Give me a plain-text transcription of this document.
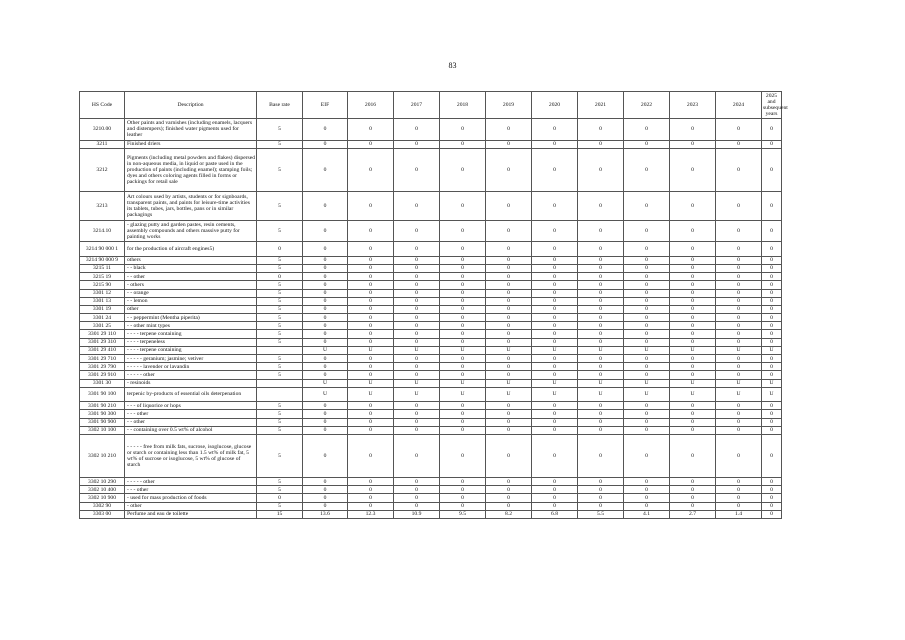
83
HS Code	Description	Base rate	EIF	2016	2017	2018	2019	2020	2021	2022	2023	2024	2025 and subsequent years
3210.00	Other paints and varnishes (including enamels, lacquers and distempers); finished water pigments used for leather	5	0	0	0	0	0	0	0	0	0	0	0
3211	Finished driers	5	0	0	0	0	0	0	0	0	0	0	0
3212	Pigments (including metal powders and flakes) dispersed in non-aqueous media, in liquid or paste used in the production of paints (including enamel); stamping foils; dyes and others coloring agents filled in forms or packings for retail sale	5	0	0	0	0	0	0	0	0	0	0	0
3213	Art colours used by artists, students or for signboards, transparent paints, and paints for leisure-time activities its tablets, tubes, jars, bottles, pans or in similar packagings	5	0	0	0	0	0	0	0	0	0	0	0
3214.10	- glazing putty and garden pastes, resin cements, assembly compounds and others massive putty for painting works	5	0	0	0	0	0	0	0	0	0	0	0
3214 90 000 1	for the production of aircraft engines5)	0	0	0	0	0	0	0	0	0	0	0	0
3214 90 000 9	others	5	0	0	0	0	0	0	0	0	0	0	0
3215 11	- - black	5	0	0	0	0	0	0	0	0	0	0	0
3215 19	- - other	0	0	0	0	0	0	0	0	0	0	0	0
3215 90	- others	5	0	0	0	0	0	0	0	0	0	0	0
3301 12	- - orange	5	0	0	0	0	0	0	0	0	0	0	0
3301 13	- - lemon	5	0	0	0	0	0	0	0	0	0	0	0
3301 19	other	5	0	0	0	0	0	0	0	0	0	0	0
3301 24	- - peppermint (Mentha piperita)	5	0	0	0	0	0	0	0	0	0	0	0
3301 25	- - other mint types	5	0	0	0	0	0	0	0	0	0	0	0
3301 29 110	- - - - terpene containing	5	0	0	0	0	0	0	0	0	0	0	0
3301 29 310	- - - - terpeneless	5	0	0	0	0	0	0	0	0	0	0	0
3301 29 410	- - - - terpene containing		U	U	U	U	U	U	U	U	U	U	U
3301 29 710	- - - - - geranium; jasmine; vetiver	5	0	0	0	0	0	0	0	0	0	0	0
3301 29 790	- - - - - lavender or lavandin	5	0	0	0	0	0	0	0	0	0	0	0
3301 29 910	- - - - - other	5	0	0	0	0	0	0	0	0	0	0	0
3301 30	- resinoids		U	U	U	U	U	U	U	U	U	U	U
3301 90 100	terpenic by-products of essential oils deterpenation		U	U	U	U	U	U	U	U	U	U	U
3301 90 210	- - - of liquorice or hops	5	0	0	0	0	0	0	0	0	0	0	0
3301 90 300	- - - other	5	0	0	0	0	0	0	0	0	0	0	0
3301 90 900	- - other	5	0	0	0	0	0	0	0	0	0	0	0
3302 10 100	- - containing over 0.5 wt% of alcohol	5	0	0	0	0	0	0	0	0	0	0	0
3302 10 210	- - - - - free from milk fats, sucrose, isoglucose, glucose or starch or containing less than 1.5 wt% of milk fat, 5 wt% of sucrose or isoglucose, 5 wt% of glucose of starch	5	0	0	0	0	0	0	0	0	0	0	0
3302 10 290	- - - - - other	5	0	0	0	0	0	0	0	0	0	0	0
3302 10 400	- - - other	5	0	0	0	0	0	0	0	0	0	0	0
3302 10 900	- used for mass production of foods	0	0	0	0	0	0	0	0	0	0	0	0
3302 90	- other	5	0	0	0	0	0	0	0	0	0	0	0
3303 00	Perfume and eau de toilette	15	13.6	12.3	10.9	9.5	8.2	6.8	5.5	4.1	2.7	1.4	0
